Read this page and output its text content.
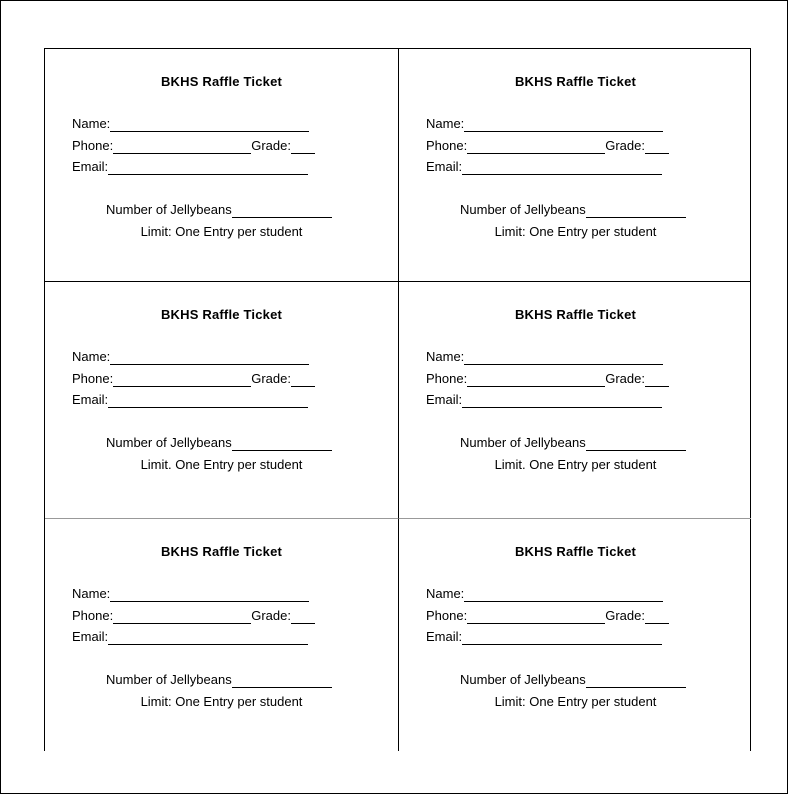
BKHS Raffle Ticket
Name:
Phone:	Grade:
Email:
Number of Jellybeans
Limit: One Entry per student
BKHS Raffle Ticket
Name:
Phone:	Grade:
Email:
Number of Jellybeans
Limit: One Entry per student
BKHS Raffle Ticket
Name:
Phone:	Grade:
Email:
Number of Jellybeans
Limit. One Entry per student
BKHS Raffle Ticket
Name:
Phone:	Grade:
Email:
Number of Jellybeans
Limit. One Entry per student
BKHS Raffle Ticket
Name:
Phone:	Grade:
Email:
Number of Jellybeans
Limit: One Entry per student
BKHS Raffle Ticket
Name:
Phone:	Grade:
Email:
Number of Jellybeans
Limit: One Entry per student
